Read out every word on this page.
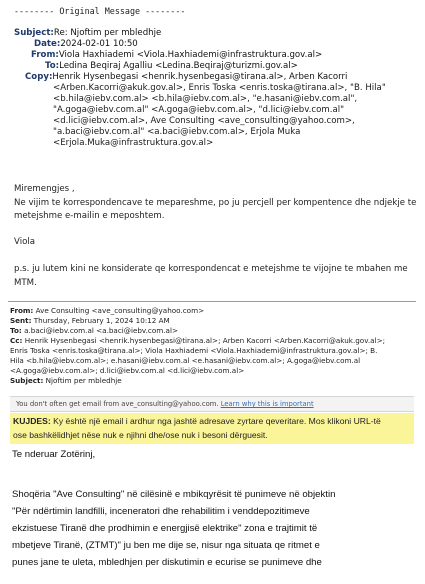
-------- Original Message --------
Subject:Re: Njoftim per mbledhje
Date:2024-02-01 10:50
From:Viola Haxhiademi <Viola.Haxhiademi@infrastruktura.gov.al>
To:Ledina Beqiraj Agalliu <Ledina.Beqiraj@turizmi.gov.al>
Copy:Henrik Hysenbegasi <henrik.hysenbegasi@tirana.al>, Arben Kacorri
<Arben.Kacorri@akuk.gov.al>, Enris Toska <enris.toska@tirana.al>, "B. Hila"
<b.hila@iebv.com.al> <b.hila@iebv.com.al>, "e.hasani@iebv.com.al",
"A.goga@iebv.com.al" <A.goga@iebv.com.al>, "d.lici@iebv.com.al"
<d.lici@iebv.com.al>, Ave Consulting <ave_consulting@yahoo.com>,
"a.baci@iebv.com.al" <a.baci@iebv.com.al>, Erjola Muka
<Erjola.Muka@infrastruktura.gov.al>
Miremengjes ,
Ne vijim te korrespondencave te mepareshme, po ju percjell per kompentence dhe ndjekje te
metejshme e-mailin e meposhtem.
Viola
p.s. ju lutem kini ne konsiderate qe korrespondencat e metejshme te vijojne te mbahen me
MTM.
From: Ave Consulting <ave_consulting@yahoo.com>
Sent: Thursday, February 1, 2024 10:12 AM
To: a.baci@iebv.com.al <a.baci@iebv.com.al>
Cc: Henrik Hysenbegasi <henrik.hysenbegasi@tirana.al>; Arben Kacorri <Arben.Kacorri@akuk.gov.al>;
Enris Toska <enris.toska@tirana.al>; Viola Haxhiademi <Viola.Haxhiademi@infrastruktura.gov.al>; B.
Hila <b.hila@iebv.com.al>; e.hasani@iebv.com.al <e.hasani@iebv.com.al>; A.goga@iebv.com.al
<A.goga@iebv.com.al>; d.lici@iebv.com.al <d.lici@iebv.com.al>
Subject: Njoftim per mbledhje
You don't often get email from ave_consulting@yahoo.com. Learn why this is important
KUJDES: Ky është një email i ardhur nga jashtë adresave zyrtare qeveritare. Mos klikoni URL-të
ose bashkëlidhjet nëse nuk e njihni dhe/ose nuk i besoni dërguesit.
Te nderuar Zotërinj,
Shoqëria "Ave Consulting" në cilësinë e mbikqyrësit të punimeve në objektin
"Për ndërtimin landfilli, inceneratori dhe rehabilitim i venddepozitimeve
ekzistuese Tiranë dhe prodhimin e energjisë elektrike" zona e trajtimit të
mbetjeve Tiranë, (ZTMT)" ju ben me dije se, nisur nga situata qe ritmet e
punes jane te uleta, mbledhjen per diskutimin e ecurise se punimeve dhe
